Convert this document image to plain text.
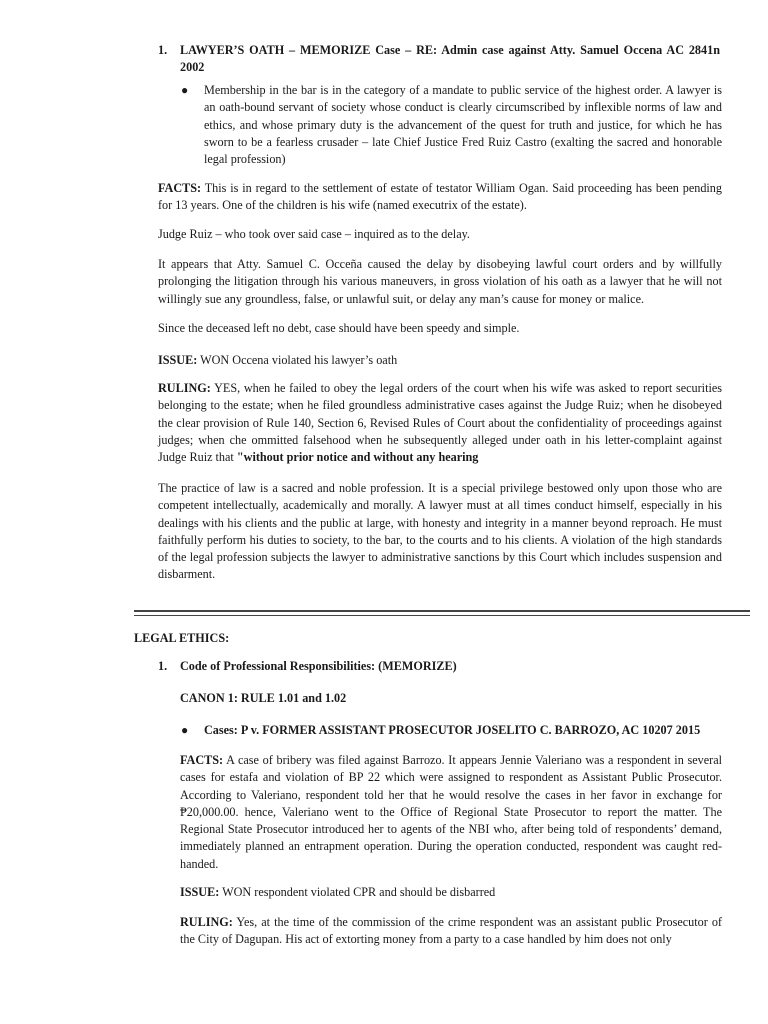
1. LAWYER’S OATH – MEMORIZE Case – RE: Admin case against Atty. Samuel Occena AC 2841n 2002

● Membership in the bar is in the category of a mandate to public service of the highest order. A lawyer is an oath-bound servant of society whose conduct is clearly circumscribed by inflexible norms of law and ethics, and whose primary duty is the advancement of the quest for truth and justice, for which he has sworn to be a fearless crusader – late Chief Justice Fred Ruiz Castro (exalting the sacred and honorable legal profession)

FACTS: This is in regard to the settlement of estate of testator William Ogan. Said proceeding has been pending for 13 years. One of the children is his wife (named executrix of the estate).

Judge Ruiz – who took over said case – inquired as to the delay.

It appears that Atty. Samuel C. Occeña caused the delay by disobeying lawful court orders and by willfully prolonging the litigation through his various maneuvers, in gross violation of his oath as a lawyer that he will not willingly sue any groundless, false, or unlawful suit, or delay any man’s cause for money or malice.

Since the deceased left no debt, case should have been speedy and simple.

ISSUE: WON Occena violated his lawyer’s oath

RULING: YES, when he failed to obey the legal orders of the court when his wife was asked to report securities belonging to the estate; when he filed groundless administrative cases against the Judge Ruiz; when he disobeyed the clear provision of Rule 140, Section 6, Revised Rules of Court about the confidentiality of proceedings against judges; when che ommitted falsehood when he subsequently alleged under oath in his letter-complaint against Judge Ruiz that "without prior notice and without any hearing

The practice of law is a sacred and noble profession. It is a special privilege bestowed only upon those who are competent intellectually, academically and morally. A lawyer must at all times conduct himself, especially in his dealings with his clients and the public at large, with honesty and integrity in a manner beyond reproach. He must faithfully perform his duties to society, to the bar, to the courts and to his clients. A violation of the high standards of the legal profession subjects the lawyer to administrative sanctions by this Court which includes suspension and disbarment.

LEGAL ETHICS:

1. Code of Professional Responsibilities: (MEMORIZE)

CANON 1: RULE 1.01 and 1.02

● Cases: P v. FORMER ASSISTANT PROSECUTOR JOSELITO C. BARROZO, AC 10207 2015

FACTS: A case of bribery was filed against Barrozo. It appears Jennie Valeriano was a respondent in several cases for estafa and violation of BP 22 which were assigned to respondent as Assistant Public Prosecutor. According to Valeriano, respondent told her that he would resolve the cases in her favor in exchange for ₱20,000.00. hence, Valeriano went to the Office of Regional State Prosecutor to report the matter. The Regional State Prosecutor introduced her to agents of the NBI who, after being told of respondents’ demand, immediately planned an entrapment operation. During the operation conducted, respondent was caught red-handed.

ISSUE: WON respondent violated CPR and should be disbarred

RULING: Yes, at the time of the commission of the crime respondent was an assistant public Prosecutor of the City of Dagupan. His act of extorting money from a party to a case handled by him does not only
